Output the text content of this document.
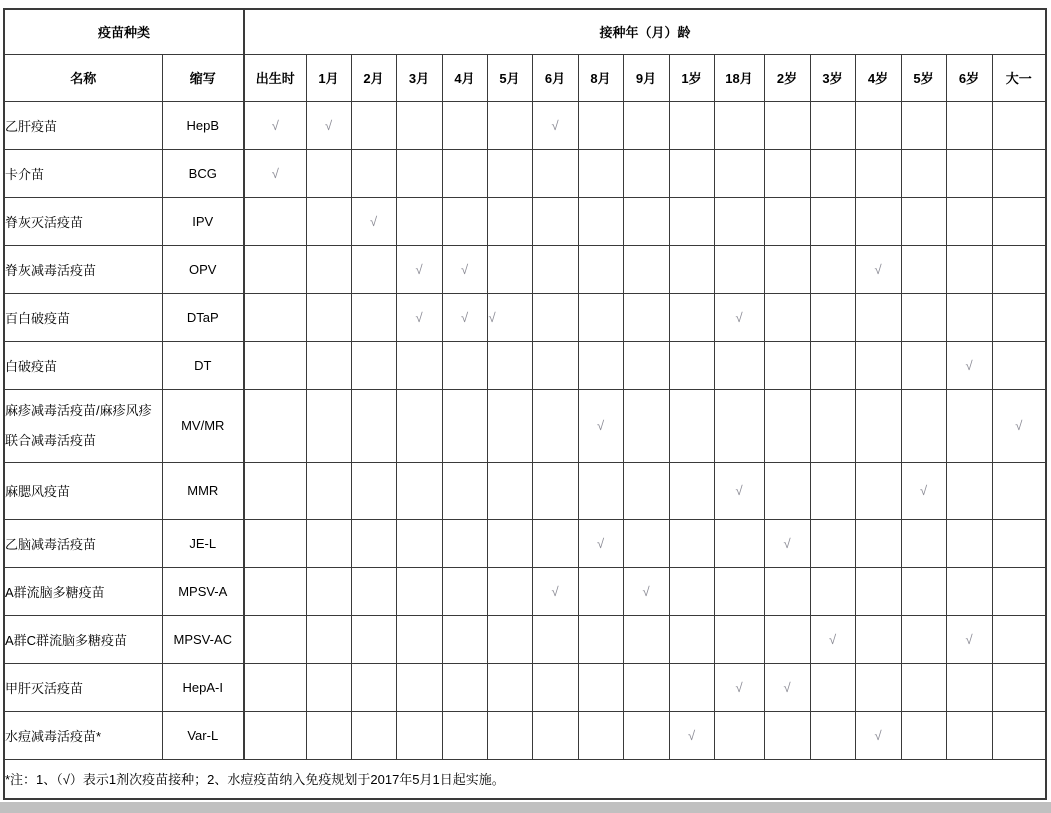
疫苗种类		接种年（月）龄																
名称	缩写	出生时	1月	2月	3月	4月	5月	6月	8月	9月	1岁	18月	2岁	3岁	4岁	5岁	6岁	大一
乙肝疫苗	HepB	√	√					√										
卡介苗	BCG	√																
脊灰灭活疫苗	IPV			√														
脊灰减毒活疫苗	OPV				√	√									√			
百白破疫苗	DTaP				√	√	√					√						
白破疫苗	DT																√	
麻疹减毒活疫苗/麻疹风疹联合减毒活疫苗	MV/MR								√									√
麻腮风疫苗	MMR											√				√		
乙脑减毒活疫苗	JE-L								√				√					
A群流脑多糖疫苗	MPSV-A							√		√								
A群C群流脑多糖疫苗	MPSV-AC													√			√	
甲肝灭活疫苗	HepA-I											√	√					
水痘减毒活疫苗*	Var-L										√				√			
*注：1、（√）表示1剂次疫苗接种；2、水痘疫苗纳入免疫规划于2017年5月1日起实施。																		
